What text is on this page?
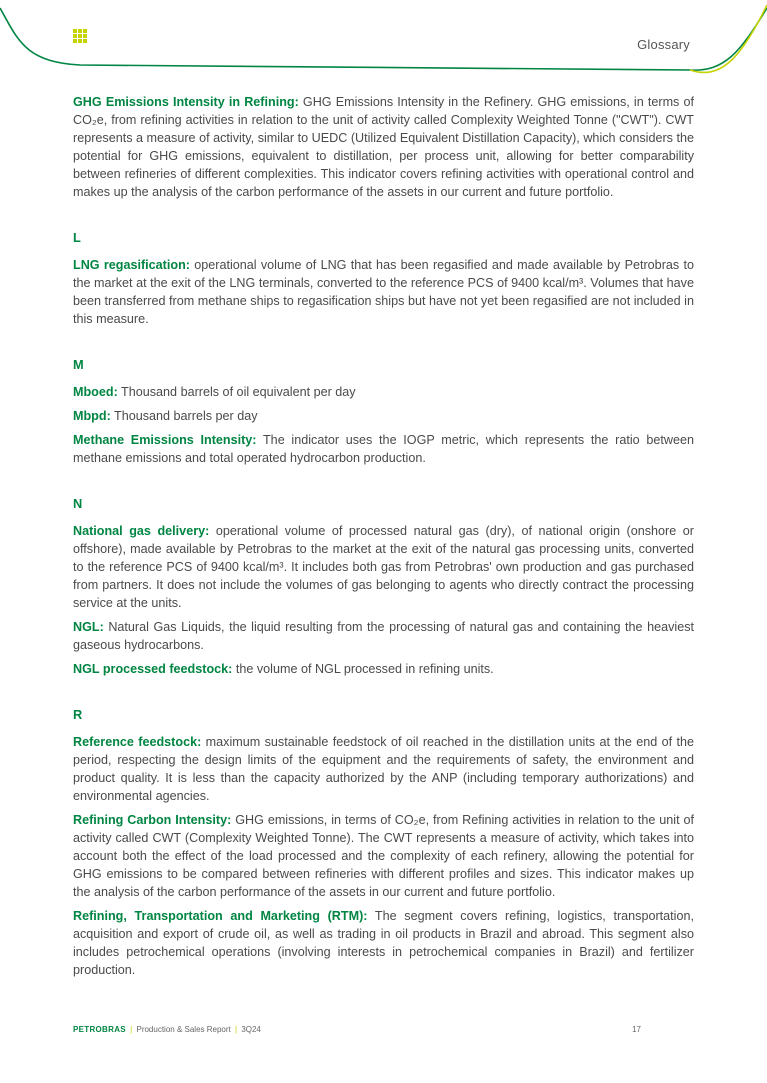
Glossary

GHG Emissions Intensity in Refining: GHG Emissions Intensity in the Refinery. GHG emissions, in terms of CO₂e, from refining activities in relation to the unit of activity called Complexity Weighted Tonne ("CWT"). CWT represents a measure of activity, similar to UEDC (Utilized Equivalent Distillation Capacity), which considers the potential for GHG emissions, equivalent to distillation, per process unit, allowing for better comparability between refineries of different complexities. This indicator covers refining activities with operational control and makes up the analysis of the carbon performance of the assets in our current and future portfolio.

L

LNG regasification: operational volume of LNG that has been regasified and made available by Petrobras to the market at the exit of the LNG terminals, converted to the reference PCS of 9400 kcal/m³. Volumes that have been transferred from methane ships to regasification ships but have not yet been regasified are not included in this measure.

M

Mboed: Thousand barrels of oil equivalent per day

Mbpd: Thousand barrels per day

Methane Emissions Intensity: The indicator uses the IOGP metric, which represents the ratio between methane emissions and total operated hydrocarbon production.

N

National gas delivery: operational volume of processed natural gas (dry), of national origin (onshore or offshore), made available by Petrobras to the market at the exit of the natural gas processing units, converted to the reference PCS of 9400 kcal/m³. It includes both gas from Petrobras' own production and gas purchased from partners. It does not include the volumes of gas belonging to agents who directly contract the processing service at the units.

NGL: Natural Gas Liquids, the liquid resulting from the processing of natural gas and containing the heaviest gaseous hydrocarbons.

NGL processed feedstock: the volume of NGL processed in refining units.

R

Reference feedstock: maximum sustainable feedstock of oil reached in the distillation units at the end of the period, respecting the design limits of the equipment and the requirements of safety, the environment and product quality. It is less than the capacity authorized by the ANP (including temporary authorizations) and environmental agencies.

Refining Carbon Intensity: GHG emissions, in terms of CO₂e, from Refining activities in relation to the unit of activity called CWT (Complexity Weighted Tonne). The CWT represents a measure of activity, which takes into account both the effect of the load processed and the complexity of each refinery, allowing the potential for GHG emissions to be compared between refineries with different profiles and sizes. This indicator makes up the analysis of the carbon performance of the assets in our current and future portfolio.

Refining, Transportation and Marketing (RTM): The segment covers refining, logistics, transportation, acquisition and export of crude oil, as well as trading in oil products in Brazil and abroad. This segment also includes petrochemical operations (involving interests in petrochemical companies in Brazil) and fertilizer production.

PETROBRAS | Production & Sales Report | 3Q24	17
